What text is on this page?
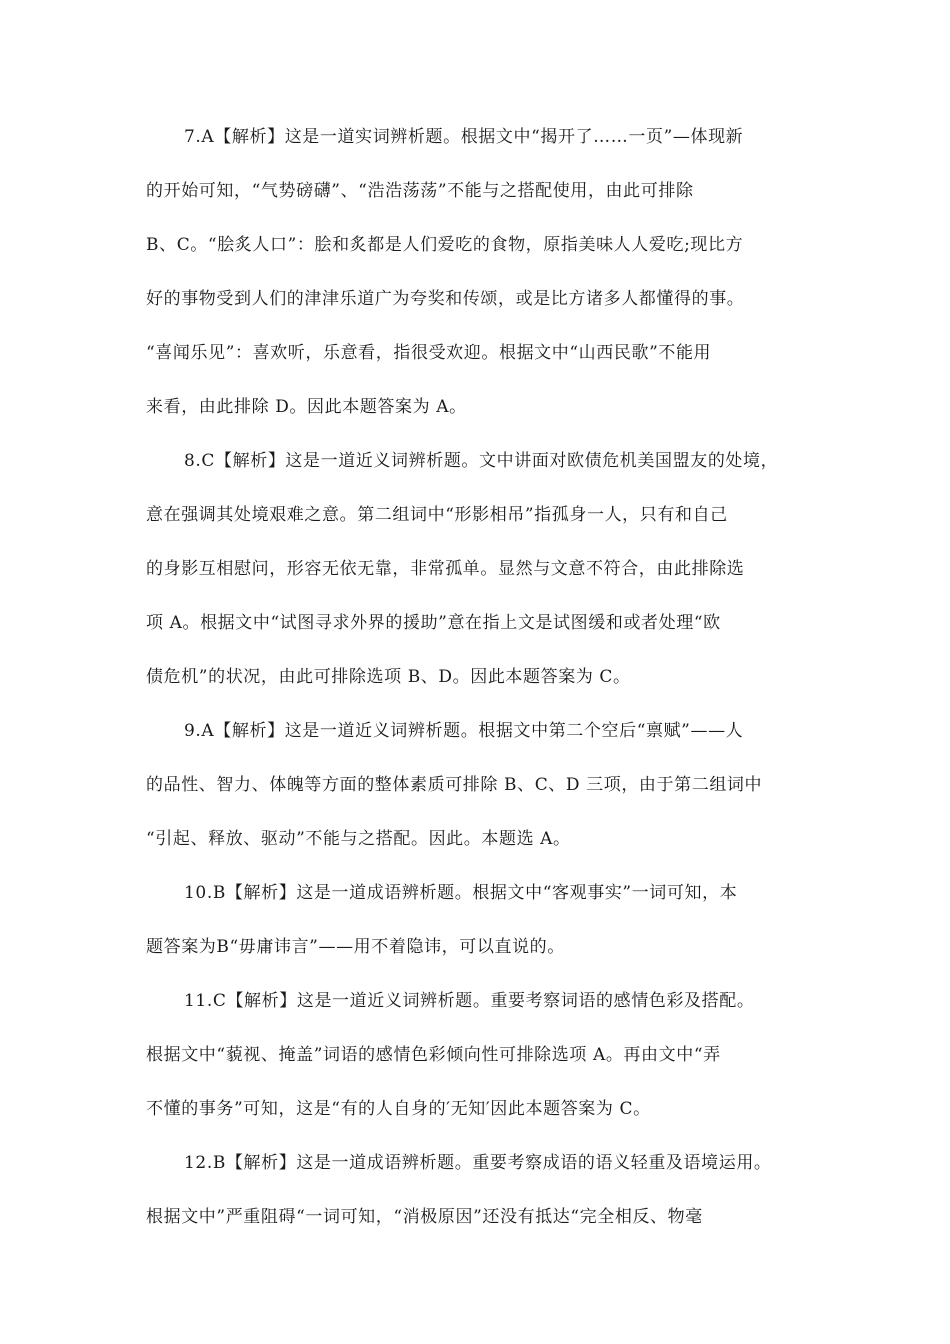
7.A【解析】这是一道实词辨析题。根据文中“揭开了……一页”—体现新
的开始可知，“气势磅礴”、“浩浩荡荡”不能与之搭配使用，由此可排除
B、C。“脍炙人口”：脍和炙都是人们爱吃的食物，原指美味人人爱吃;现比方
好的事物受到人们的津津乐道广为夸奖和传颂，或是比方诸多人都懂得的事。
“喜闻乐见”：喜欢听，乐意看，指很受欢迎。根据文中“山西民歌”不能用
来看，由此排除 D。因此本题答案为 A。
8.C【解析】这是一道近义词辨析题。文中讲面对欧债危机美国盟友的处境，
意在强调其处境艰难之意。第二组词中“形影相吊”指孤身一人，只有和自己
的身影互相慰问，形容无依无靠，非常孤单。显然与文意不符合，由此排除选
项 A。根据文中“试图寻求外界的援助”意在指上文是试图缓和或者处理“欧
债危机”的状况，由此可排除选项 B、D。因此本题答案为 C。
9.A【解析】这是一道近义词辨析题。根据文中第二个空后“禀赋”——人
的品性、智力、体魄等方面的整体素质可排除 B、C、D 三项，由于第二组词中
“引起、释放、驱动”不能与之搭配。因此。本题选 A。
10.B【解析】这是一道成语辨析题。根据文中“客观事实”一词可知，本
题答案为B“毋庸讳言”——用不着隐讳，可以直说的。
11.C【解析】这是一道近义词辨析题。重要考察词语的感情色彩及搭配。
根据文中“藐视、掩盖”词语的感情色彩倾向性可排除选项 A。再由文中“弄
不懂的事务”可知，这是“有的人自身的′无知′因此本题答案为 C。
12.B【解析】这是一道成语辨析题。重要考察成语的语义轻重及语境运用。
根据文中”严重阻碍“一词可知，“消极原因”还没有抵达“完全相反、物毫
